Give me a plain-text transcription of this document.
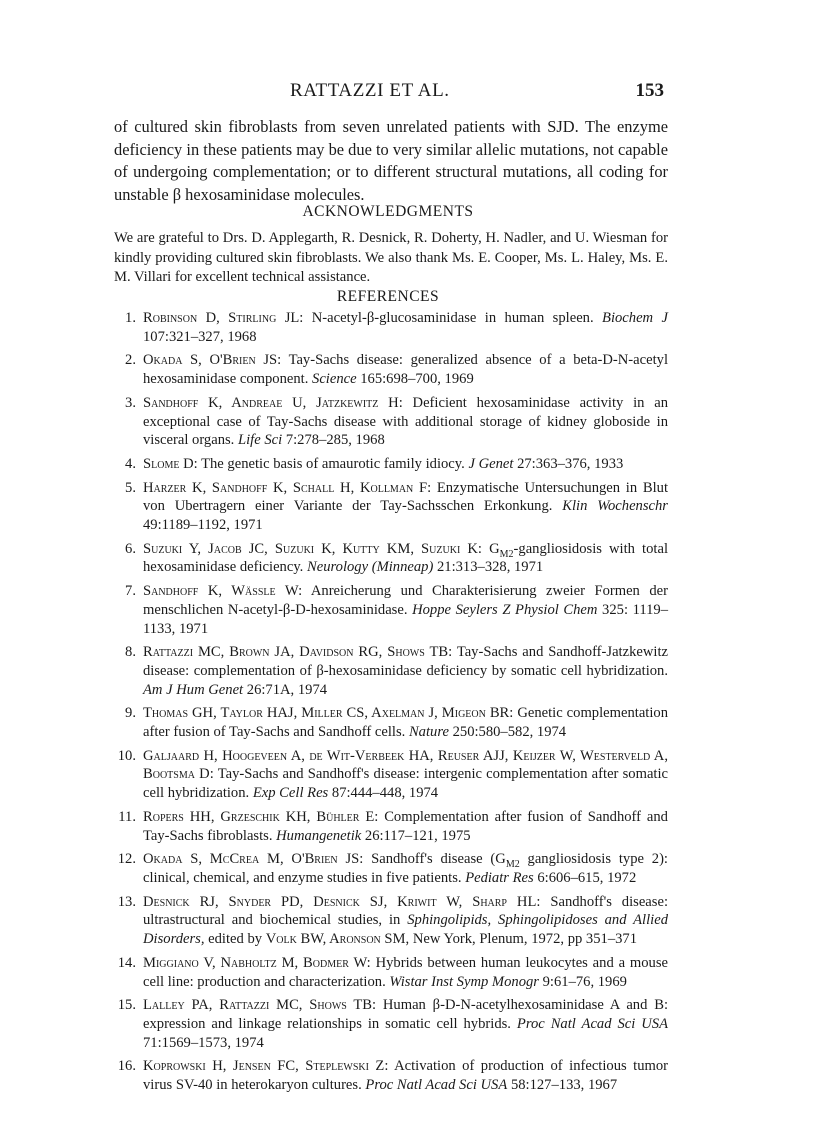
RATTAZZI ET AL.	153

of cultured skin fibroblasts from seven unrelated patients with SJD. The enzyme deficiency in these patients may be due to very similar allelic mutations, not capable of undergoing complementation; or to different structural mutations, all coding for unstable β hexosaminidase molecules.

ACKNOWLEDGMENTS

We are grateful to Drs. D. Applegarth, R. Desnick, R. Doherty, H. Nadler, and U. Wiesman for kindly providing cultured skin fibroblasts. We also thank Ms. E. Cooper, Ms. L. Haley, Ms. E. M. Villari for excellent technical assistance.

REFERENCES
1. Robinson D, Stirling JL: N-acetyl-β-glucosaminidase in human spleen. Biochem J 107:321–327, 1968
2. Okada S, O'Brien JS: Tay-Sachs disease: generalized absence of a beta-D-N-acetyl hexosaminidase component. Science 165:698–700, 1969
3. Sandhoff K, Andreae U, Jatzkewitz H: Deficient hexosaminidase activity in an exceptional case of Tay-Sachs disease with additional storage of kidney globoside in visceral organs. Life Sci 7:278–285, 1968
4. Slome D: The genetic basis of amaurotic family idiocy. J Genet 27:363–376, 1933
5. Harzer K, Sandhoff K, Schall H, Kollman F: Enzymatische Untersuchungen in Blut von Ubertragern einer Variante der Tay-Sachsschen Erkonkung. Klin Wochenschr 49:1189–1192, 1971
6. Suzuki Y, Jacob JC, Suzuki K, Kutty KM, Suzuki K: $G_{M2}$-gangliosidosis with total hexosaminidase deficiency. Neurology (Minneap) 21:313–328, 1971
7. Sandhoff K, Wässle W: Anreicherung und Charakterisierung zweier Formen der menschlichen N-acetyl-β-D-hexosaminidase. Hoppe Seylers Z Physiol Chem 325: 1119–1133, 1971
8. Rattazzi MC, Brown JA, Davidson RG, Shows TB: Tay-Sachs and Sandhoff-Jatzkewitz disease: complementation of β-hexosaminidase deficiency by somatic cell hybridization. Am J Hum Genet 26:71A, 1974
9. Thomas GH, Taylor HAJ, Miller CS, Axelman J, Migeon BR: Genetic complementation after fusion of Tay-Sachs and Sandhoff cells. Nature 250:580–582, 1974
10. Galjaard H, Hoogeveen A, de Wit-Verbeek HA, Reuser AJJ, Keijzer W, Westerveld A, Bootsma D: Tay-Sachs and Sandhoff's disease: intergenic complementation after somatic cell hybridization. Exp Cell Res 87:444–448, 1974
11. Ropers HH, Grzeschik KH, Bühler E: Complementation after fusion of Sandhoff and Tay-Sachs fibroblasts. Humangenetik 26:117–121, 1975
12. Okada S, McCrea M, O'Brien JS: Sandhoff's disease ($G_{M2}$ gangliosidosis type 2): clinical, chemical, and enzyme studies in five patients. Pediatr Res 6:606–615, 1972
13. Desnick RJ, Snyder PD, Desnick SJ, Kriwit W, Sharp HL: Sandhoff's disease: ultrastructural and biochemical studies, in Sphingolipids, Sphingolipidoses and Allied Disorders, edited by Volk BW, Aronson SM, New York, Plenum, 1972, pp 351–371
14. Miggiano V, Nabholtz M, Bodmer W: Hybrids between human leukocytes and a mouse cell line: production and characterization. Wistar Inst Symp Monogr 9:61–76, 1969
15. Lalley PA, Rattazzi MC, Shows TB: Human β-D-N-acetylhexosaminidase A and B: expression and linkage relationships in somatic cell hybrids. Proc Natl Acad Sci USA 71:1569–1573, 1974
16. Koprowski H, Jensen FC, Steplewski Z: Activation of production of infectious tumor virus SV-40 in heterokaryon cultures. Proc Natl Acad Sci USA 58:127–133, 1967
